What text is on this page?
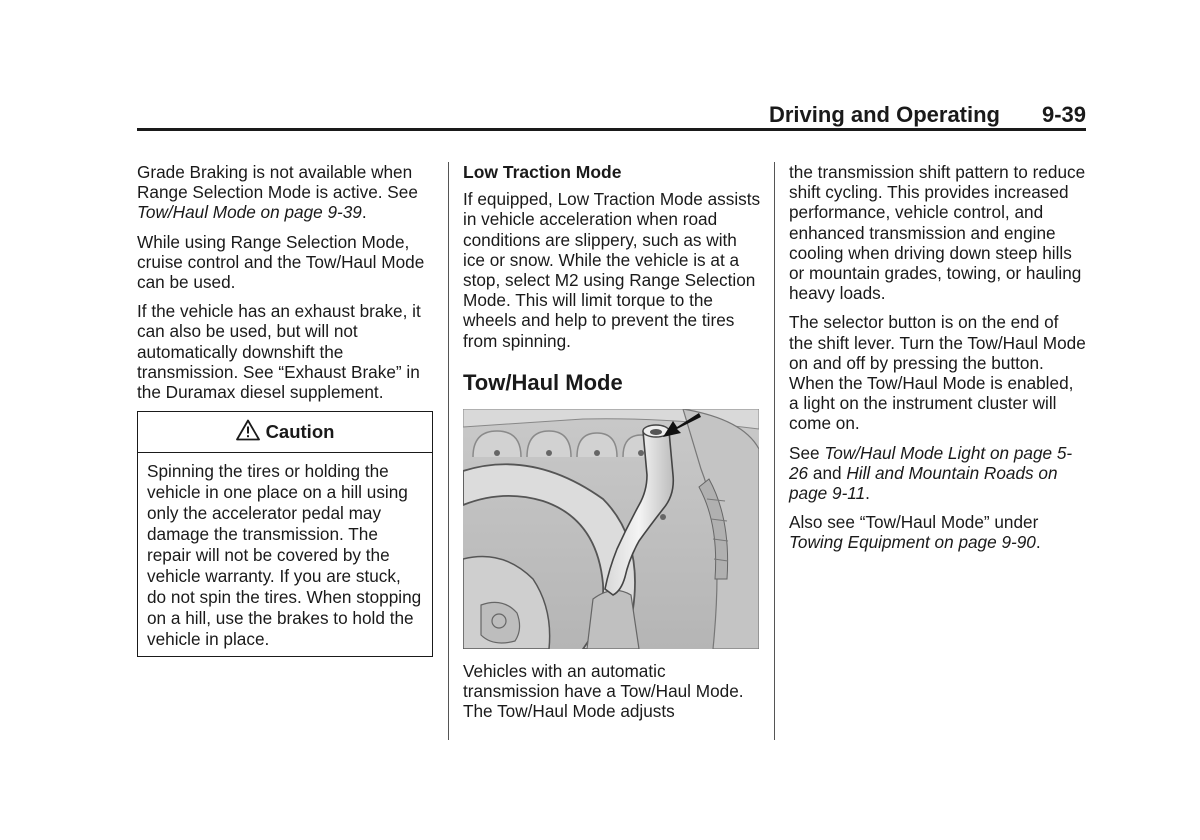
Driving and Operating 9-39

Grade Braking is not available when Range Selection Mode is active. See Tow/Haul Mode on page 9-39.

While using Range Selection Mode, cruise control and the Tow/Haul Mode can be used.

If the vehicle has an exhaust brake, it can also be used, but will not automatically downshift the transmission. See “Exhaust Brake” in the Duramax diesel supplement.

Caution
Spinning the tires or holding the vehicle in one place on a hill using only the accelerator pedal may damage the transmission. The repair will not be covered by the vehicle warranty. If you are stuck, do not spin the tires. When stopping on a hill, use the brakes to hold the vehicle in place.
Low Traction Mode

If equipped, Low Traction Mode assists in vehicle acceleration when road conditions are slippery, such as with ice or snow. While the vehicle is at a stop, select M2 using Range Selection Mode. This will limit torque to the wheels and help to prevent the tires from spinning.

Tow/Haul Mode

Vehicles with an automatic transmission have a Tow/Haul Mode. The Tow/Haul Mode adjusts

the transmission shift pattern to reduce shift cycling. This provides increased performance, vehicle control, and enhanced transmission and engine cooling when driving down steep hills or mountain grades, towing, or hauling heavy loads.

The selector button is on the end of the shift lever. Turn the Tow/Haul Mode on and off by pressing the button. When the Tow/Haul Mode is enabled, a light on the instrument cluster will come on.

See Tow/Haul Mode Light on page 5-26 and Hill and Mountain Roads on page 9-11.

Also see “Tow/Haul Mode” under Towing Equipment on page 9-90.
